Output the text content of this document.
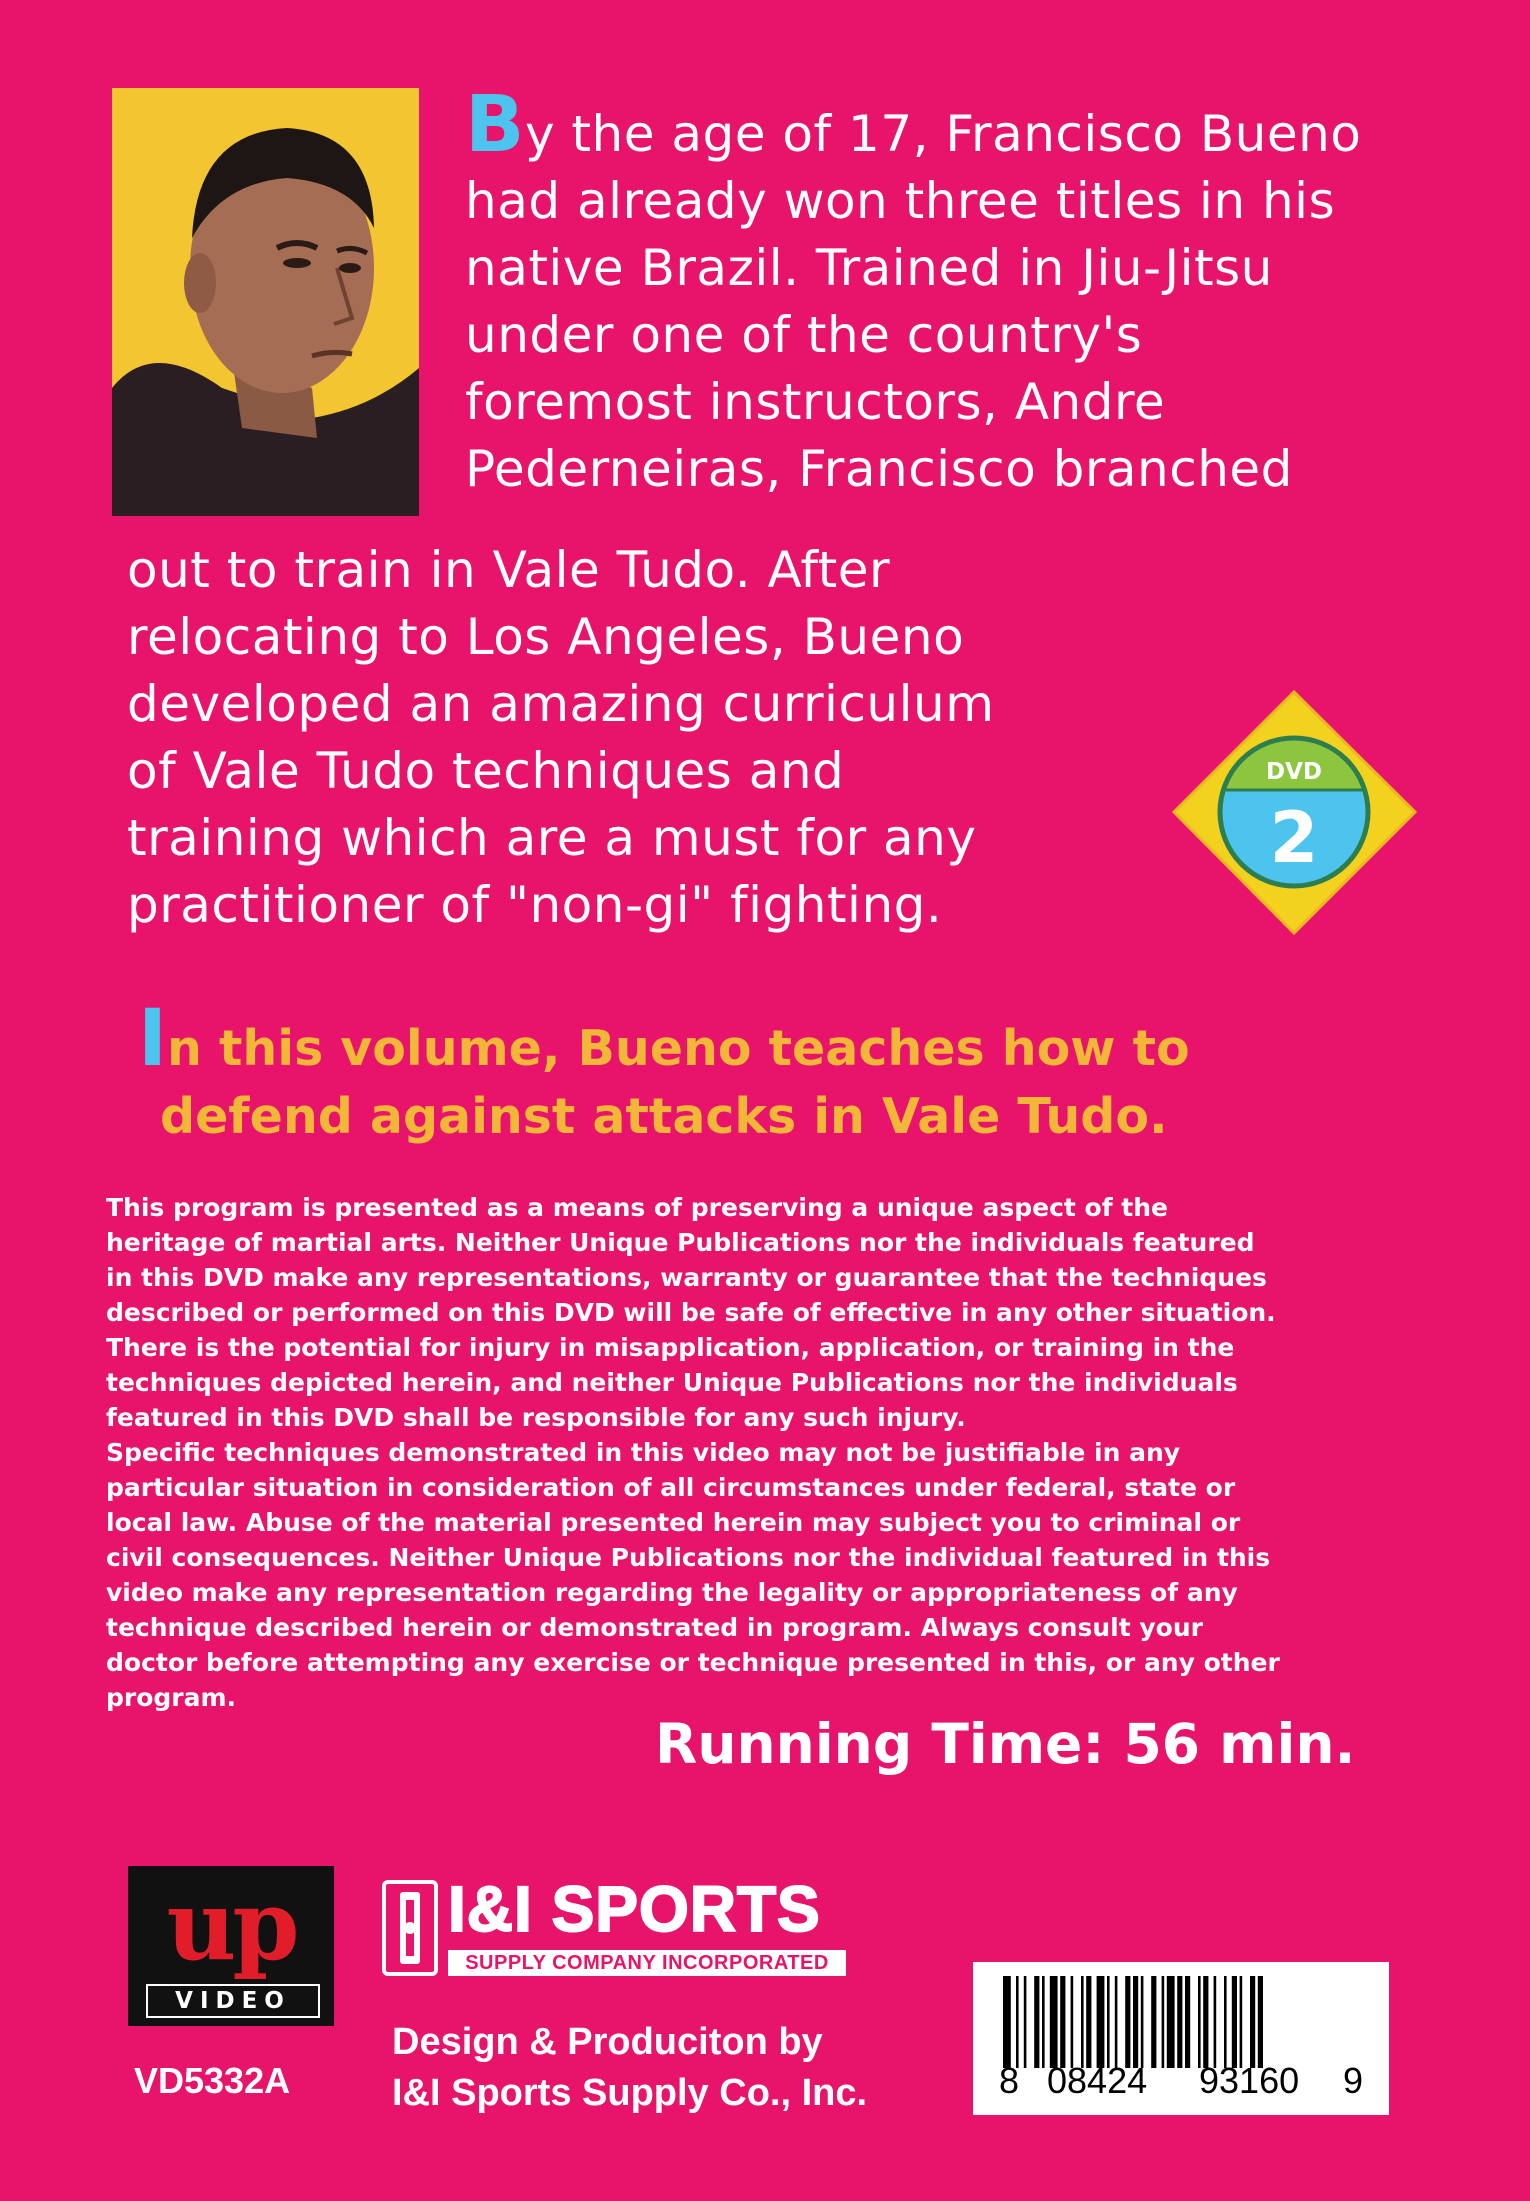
By the age of 17, Francisco Bueno

had already won three titles in his

native Brazil. Trained in Jiu-Jitsu

under one of the country's

foremost instructors, Andre

Pederneiras, Francisco branched

out to train in Vale Tudo. After

relocating to Los Angeles, Bueno

developed an amazing curriculum

of Vale Tudo techniques and

training which are a must for any

practitioner of "non-gi" fighting.

DVD
2

In this volume, Bueno teaches how to

defend against attacks in Vale Tudo.

This program is presented as a means of preserving a unique aspect of the

heritage of martial arts. Neither Unique Publications nor the individuals featured

in this DVD make any representations, warranty or guarantee that the techniques

described or performed on this DVD will be safe of effective in any other situation.

There is the potential for injury in misapplication, application, or training in the

techniques depicted herein, and neither Unique Publications nor the individuals

featured in this DVD shall be responsible for any such injury.

Specific techniques demonstrated in this video may not be justifiable in any

particular situation in consideration of all circumstances under federal, state or

local law. Abuse of the material presented herein may subject you to criminal or

civil consequences. Neither Unique Publications nor the individual featured in this

video make any representation regarding the legality or appropriateness of any

technique described herein or demonstrated in program. Always consult your

doctor before attempting any exercise or technique presented in this, or any other

program.

Running Time: 56 min.
up
VIDEO
VD5332A
I&I SPORTS
SUPPLY COMPANY INCORPORATED

Design & Produciton by

I&I Sports Supply Co., Inc.	8 08424 93160 9
